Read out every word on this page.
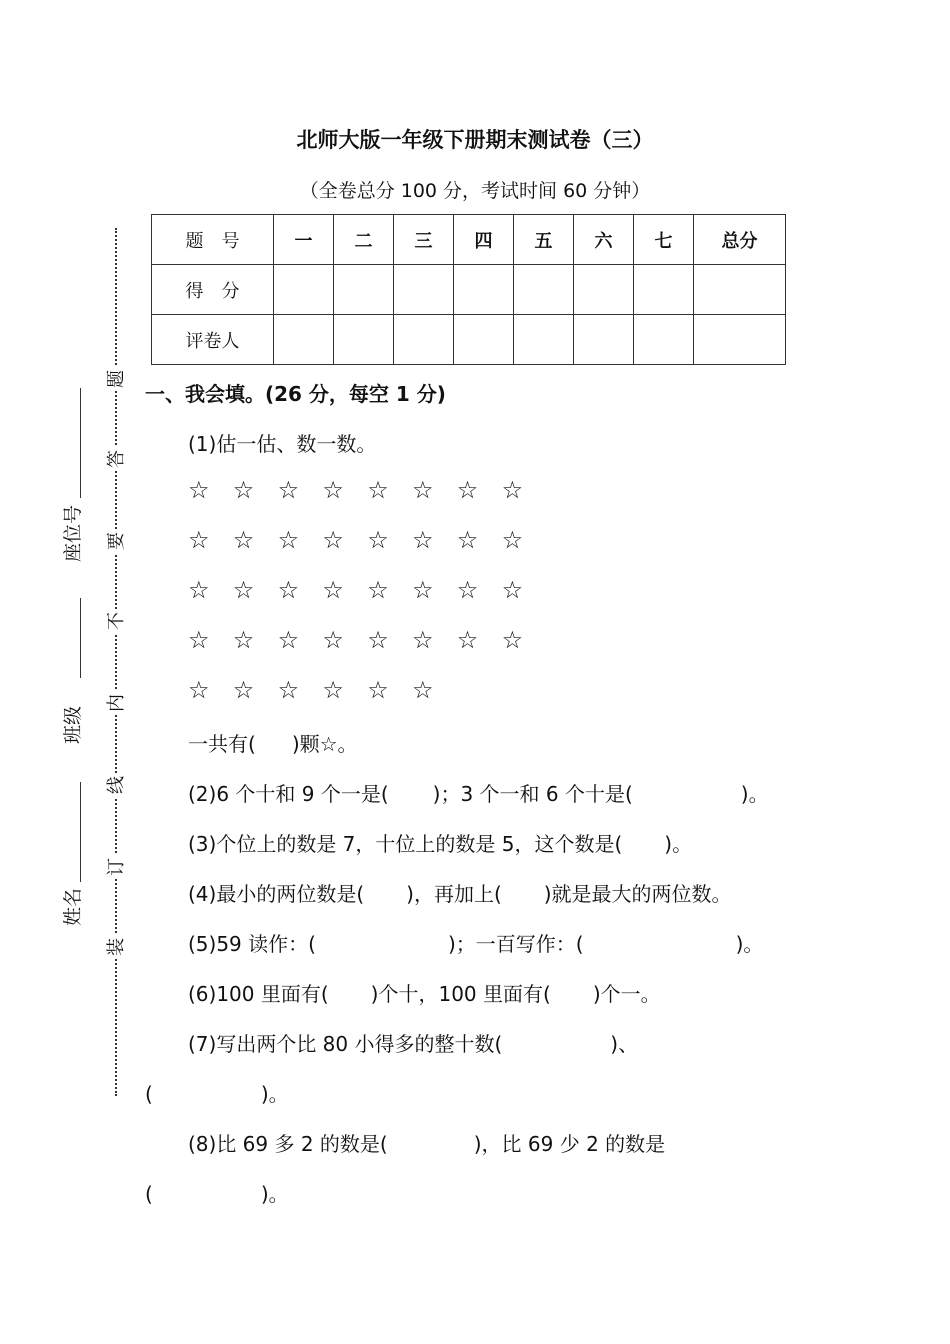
北师大版一年级下册期末测试卷（三）
（全卷总分 100 分，考试时间 60 分钟）
题　号	一	二	三	四	五	六	七	总分
得　分								
评卷人								
题
答
要
不
内
线
订
装
座位号
班级
姓名
一、我会填。(26 分，每空 1 分)
(1)估一估、数一数。
☆ ☆ ☆ ☆ ☆ ☆ ☆ ☆
☆ ☆ ☆ ☆ ☆ ☆ ☆ ☆
☆ ☆ ☆ ☆ ☆ ☆ ☆ ☆
☆ ☆ ☆ ☆ ☆ ☆ ☆ ☆
☆ ☆ ☆ ☆ ☆ ☆
一共有( )颗☆。
(2)6 个十和 9 个一是( )；3 个一和 6 个十是(	)。
(3)个位上的数是 7，十位上的数是 5，这个数是( )。
(4)最小的两位数是( )，再加上( )就是最大的两位数。
(5)59 读作：(	)；一百写作：(	)。
(6)100 里面有( )个十，100 里面有( )个一。
(7)写出两个比 80 小得多的整十数(	)、
(	)。
(8)比 69 多 2 的数是(	)，比 69 少 2 的数是
(	)。
